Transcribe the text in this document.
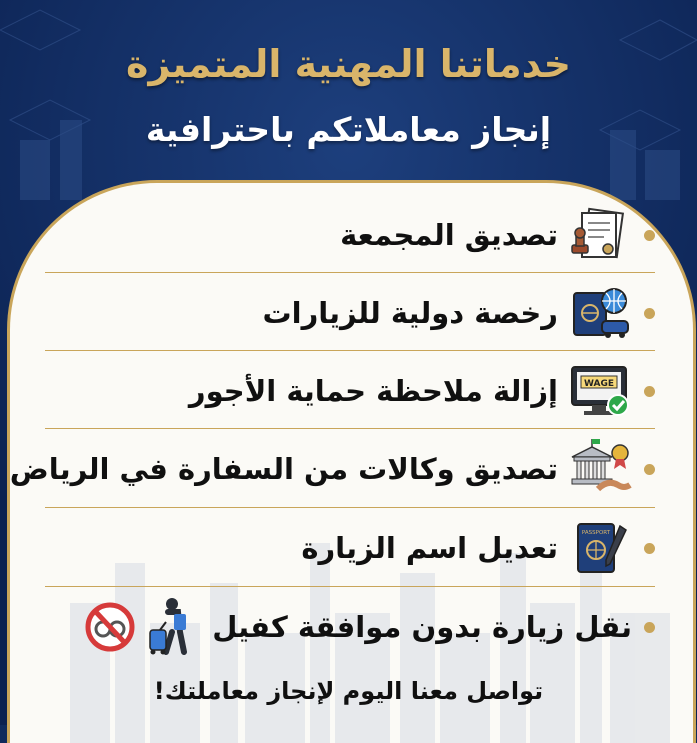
خدماتنا المهنية المتميزة
إنجاز معاملاتكم باحترافية
تصديق المجمعة
رخصة دولية للزيارات
WAGE
إزالة ملاحظة حماية الأجور
تصديق وكالات من السفارة في الرياض
PASSPORT
تعديل اسم الزيارة
نقل زيارة بدون موافقة كفيل
تواصل معنا اليوم لإنجاز معاملتك!
